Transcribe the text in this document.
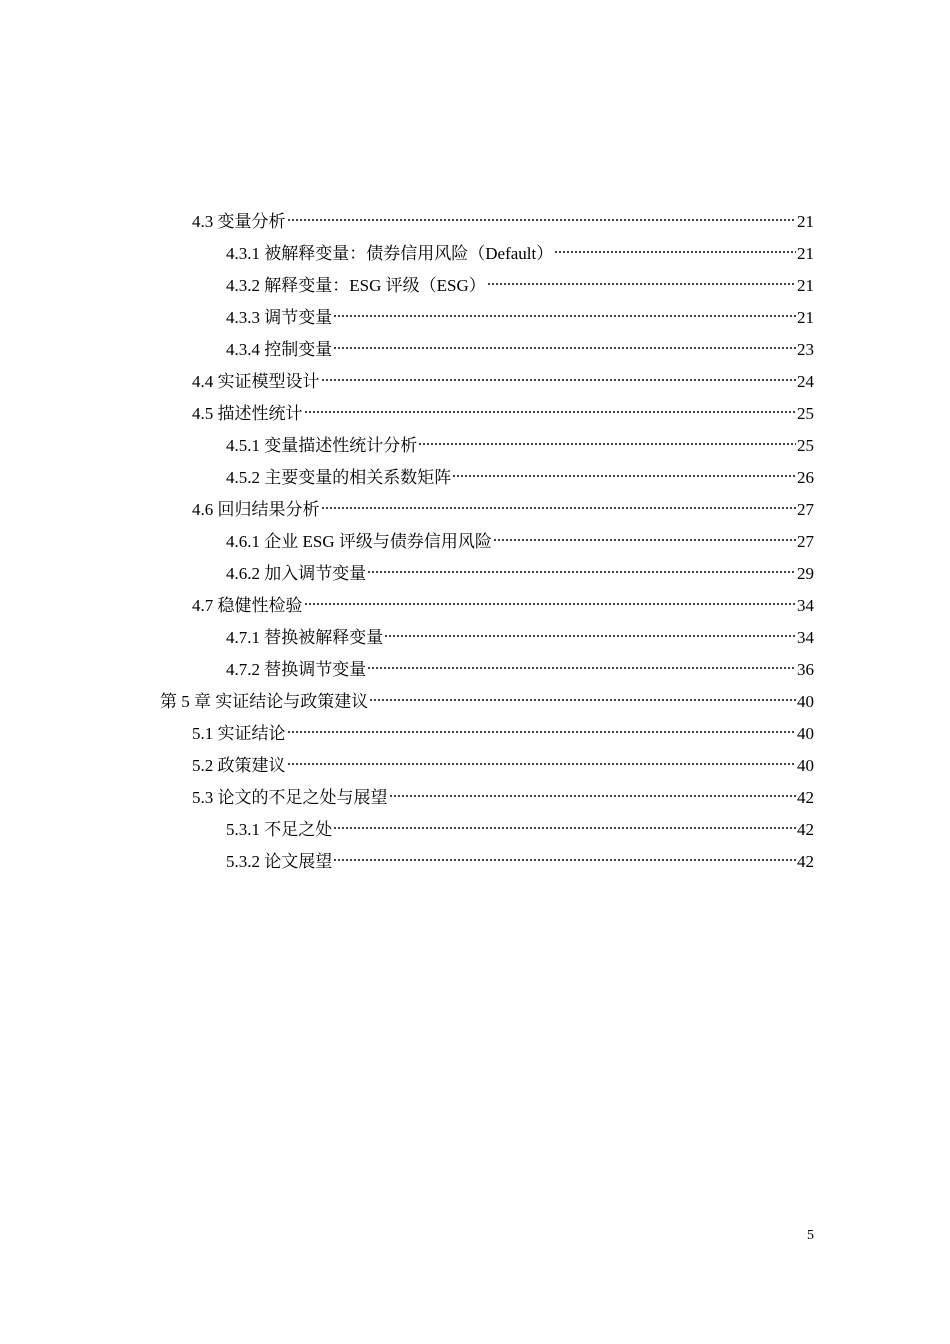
4.3 变量分析	21
4.3.1 被解释变量：债券信用风险（Default）	21
4.3.2 解释变量：ESG 评级（ESG）	21
4.3.3 调节变量	21
4.3.4 控制变量	23
4.4 实证模型设计	24
4.5 描述性统计	25
4.5.1 变量描述性统计分析	25
4.5.2 主要变量的相关系数矩阵	26
4.6 回归结果分析	27
4.6.1 企业 ESG 评级与债券信用风险	27
4.6.2 加入调节变量	29
4.7 稳健性检验	34
4.7.1 替换被解释变量	34
4.7.2 替换调节变量	36
第 5 章 实证结论与政策建议	40
5.1 实证结论	40
5.2 政策建议	40
5.3 论文的不足之处与展望	42
5.3.1 不足之处	42
5.3.2 论文展望	42
5
